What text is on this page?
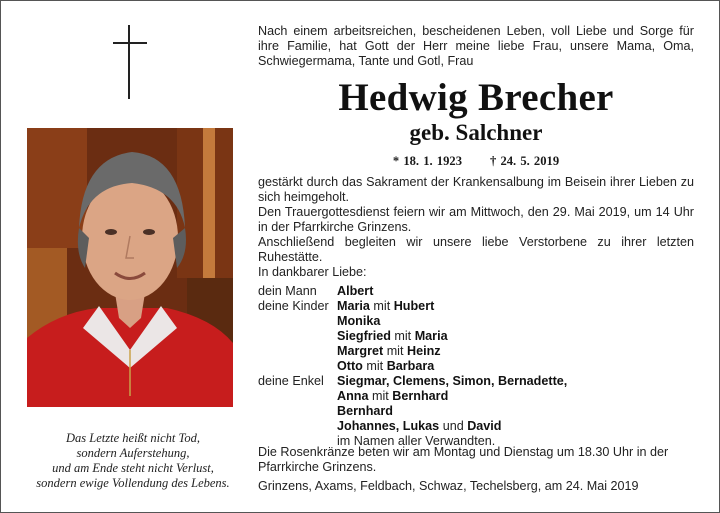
Das Letzte heißt nicht Tod,
sondern Auferstehung,
und am Ende steht nicht Verlust,
sondern ewige Vollendung des Lebens.
Nach einem arbeitsreichen, bescheidenen Leben, voll Liebe und Sorge für ihre Familie, hat Gott der Herr meine liebe Frau, unsere Mama, Oma, Schwiegermama, Tante und Gotl, Frau
Hedwig Brecher
geb. Salchner
* 18. 1. 1923 † 24. 5. 2019

gestärkt durch das Sakrament der Krankensalbung im Beisein ihrer Lieben zu sich heimgeholt.

Den Trauergottesdienst feiern wir am Mittwoch, den 29. Mai 2019, um 14 Uhr in der Pfarrkirche Grinzens.

Anschließend begleiten wir unsere liebe Verstorbene zu ihrer letzten Ruhestätte.

In dankbarer Liebe:

dein Mann	Albert
deine Kinder Maria mit Hubert
Monika
Siegfried mit Maria
Margret mit Heinz
Otto mit Barbara
deine Enkel	Siegmar, Clemens, Simon, Bernadette,
Anna mit Bernhard
Bernhard
Johannes, Lukas und David
im Namen aller Verwandten.
Die Rosenkränze beten wir am Montag und Dienstag um 18.30 Uhr in der Pfarrkirche Grinzens.
Grinzens, Axams, Feldbach, Schwaz, Techelsberg, am 24. Mai 2019
